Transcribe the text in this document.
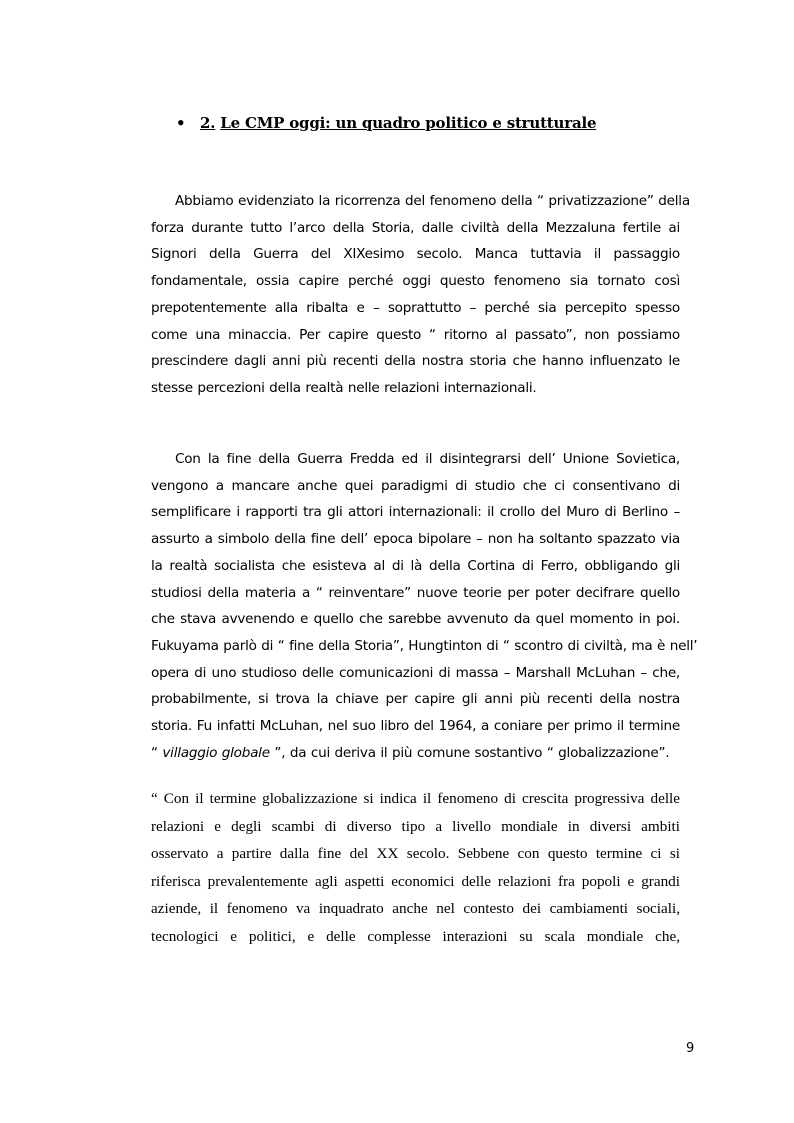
• 2. Le CMP oggi: un quadro politico e strutturale
Abbiamo evidenziato la ricorrenza del fenomeno della “ privatizzazione” della
forza durante tutto l’arco della Storia, dalle civiltà della Mezzaluna fertile ai
Signori della Guerra del XIXesimo secolo. Manca tuttavia il passaggio
fondamentale, ossia capire perché oggi questo fenomeno sia tornato così
prepotentemente alla ribalta e – soprattutto – perché sia percepito spesso
come una minaccia. Per capire questo “ ritorno al passato”, non possiamo
prescindere dagli anni più recenti della nostra storia che hanno influenzato le
stesse percezioni della realtà nelle relazioni internazionali.
Con la fine della Guerra Fredda ed il disintegrarsi dell’ Unione Sovietica,
vengono a mancare anche quei paradigmi di studio che ci consentivano di
semplificare i rapporti tra gli attori internazionali: il crollo del Muro di Berlino –
assurto a simbolo della fine dell’ epoca bipolare – non ha soltanto spazzato via
la realtà socialista che esisteva al di là della Cortina di Ferro, obbligando gli
studiosi della materia a “ reinventare” nuove teorie per poter decifrare quello
che stava avvenendo e quello che sarebbe avvenuto da quel momento in poi.
Fukuyama parlò di “ fine della Storia”, Hungtinton di “ scontro di civiltà, ma è nell’
opera di uno studioso delle comunicazioni di massa – Marshall McLuhan – che,
probabilmente, si trova la chiave per capire gli anni più recenti della nostra
storia. Fu infatti McLuhan, nel suo libro del 1964, a coniare per primo il termine
“ villaggio globale ”, da cui deriva il più comune sostantivo “ globalizzazione”.
“ Con il termine globalizzazione si indica il fenomeno di crescita progressiva delle
relazioni e degli scambi di diverso tipo a livello mondiale in diversi ambiti
osservato a partire dalla fine del XX secolo. Sebbene con questo termine ci si
riferisca prevalentemente agli aspetti economici delle relazioni fra popoli e grandi
aziende, il fenomeno va inquadrato anche nel contesto dei cambiamenti sociali,
tecnologici e politici, e delle complesse interazioni su scala mondiale che,
9
